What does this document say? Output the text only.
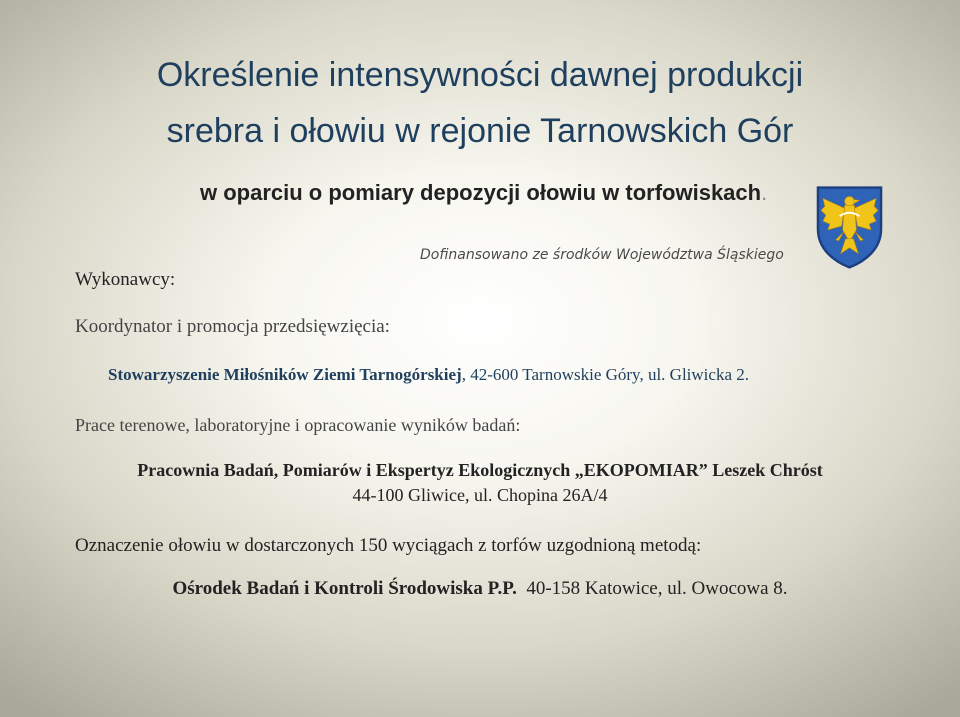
Określenie intensywności dawnej produkcji
srebra i ołowiu w rejonie Tarnowskich Gór
w oparciu o pomiary depozycji ołowiu w torfowiskach.
Dofinansowano ze środków Województwa Śląskiego
Wykonawcy:
Koordynator i promocja przedsięwzięcia:
Stowarzyszenie Miłośników Ziemi Tarnogórskiej, 42-600 Tarnowskie Góry, ul. Gliwicka 2.
Prace terenowe, laboratoryjne i opracowanie wyników badań:
Pracownia Badań, Pomiarów i Ekspertyz Ekologicznych „EKOPOMIAR” Leszek Chróst
44-100 Gliwice, ul. Chopina 26A/4
Oznaczenie ołowiu w dostarczonych 150 wyciągach z torfów uzgodnioną metodą:
Ośrodek Badań i Kontroli Środowiska P.P. 40-158 Katowice, ul. Owocowa 8.
